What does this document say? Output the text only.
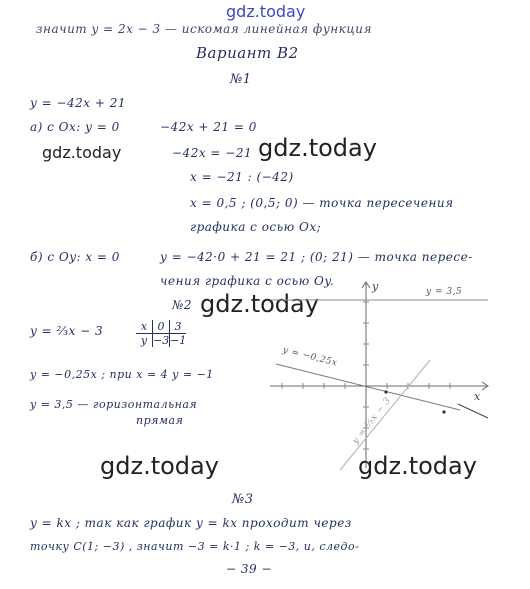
gdz.today
значит y = 2x − 3 — искомая линейная функция
Вариант В2
№1
y = −42x + 21
а) с Ox: y = 0	−42x + 21 = 0
gdz.today	−42x = −21 gdz.today
x = −21 : (−42)
x = 0,5 ; (0,5; 0) — точка пересечения
графика с осью Ox;
б) с Oy: x = 0	y = −42·0 + 21 = 21 ; (0; 21) — точка пересе-
чения графика с осью Oy.
№2 gdz.today
y = ⅔x − 3	x 0 3
y −3 −1
y = −0,25x ; при x = 4 y = −1
y = 3,5 — горизонтальная
прямая
y = 3,5
y = −0,25x
y = ⅔x − 3	x
y
gdz.today	gdz.today
№3
y = kx ; так как график y = kx проходит через
точку C(1; −3) , значит −3 = k·1 ; k = −3, и, следо-
− 39 −
